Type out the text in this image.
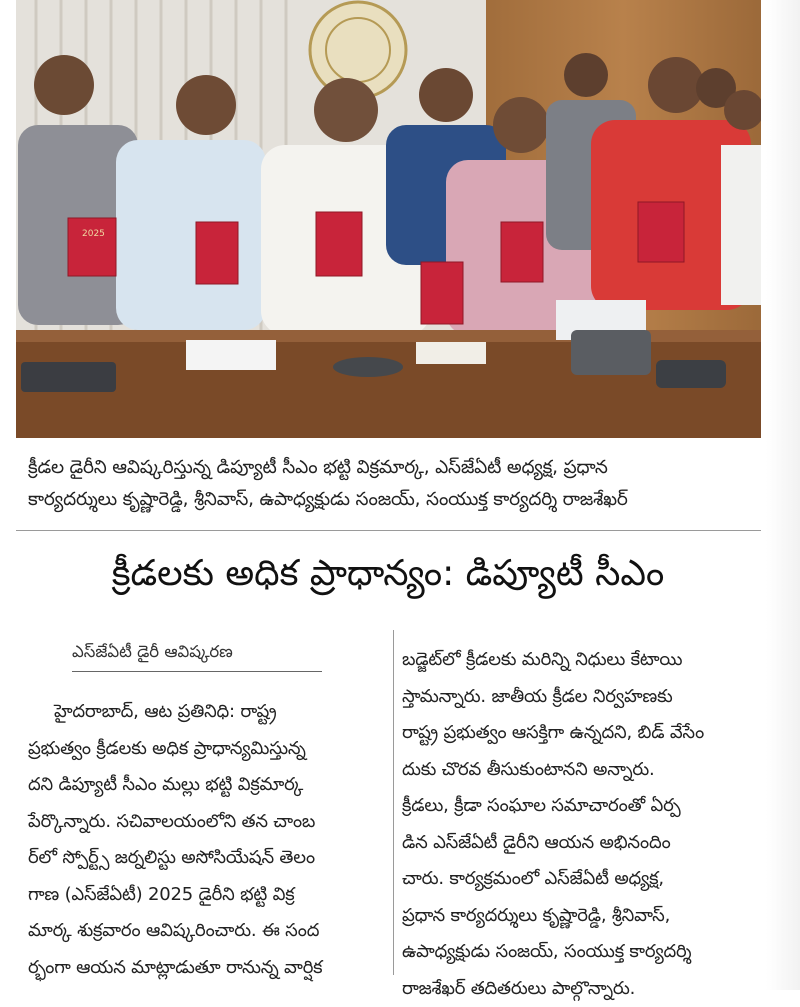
2025
క్రీడల డైరీని ఆవిష్కరిస్తున్న డిప్యూటీ సీఎం భట్టి విక్రమార్క, ఎస్‌జేఏటీ అధ్యక్ష, ప్రధాన
కార్యదర్శులు కృష్ణారెడ్డి, శ్రీనివాస్, ఉపాధ్యక్షుడు సంజయ్, సంయుక్త కార్యదర్శి రాజశేఖర్
క్రీడలకు అధిక ప్రాధాన్యం: డిప్యూటీ సీఎం
ఎస్‌జేఏటీ డైరీ ఆవిష్కరణ
హైదరాబాద్, ఆట ప్రతినిధి: రాష్ట్ర
ప్రభుత్వం క్రీడలకు అధిక ప్రాధాన్యమిస్తున్న
దని డిప్యూటీ సీఎం మల్లు భట్టి విక్రమార్క
పేర్కొన్నారు. సచివాలయంలోని తన చాంబ
ర్‌లో స్పోర్ట్స్ జర్నలిస్టు అసోసియేషన్ తెలం
గాణ (ఎస్‌జేఏటీ) 2025 డైరీని భట్టి విక్ర
మార్క శుక్రవారం ఆవిష్కరించారు. ఈ సంద
ర్భంగా ఆయన మాట్లాడుతూ రానున్న వార్షిక
బడ్జెట్‌లో క్రీడలకు మరిన్ని నిధులు కేటాయి
స్తామన్నారు. జాతీయ క్రీడల నిర్వహణకు
రాష్ట్ర ప్రభుత్వం ఆసక్తిగా ఉన్నదని, బిడ్ వేసేం
దుకు చొరవ తీసుకుంటానని అన్నారు.
క్రీడలు, క్రీడా సంఘాల సమాచారంతో ఏర్ప
డిన ఎస్‌జేఏటీ డైరీని ఆయన అభినందిం
చారు. కార్యక్రమంలో ఎస్‌జేఏటీ అధ్యక్ష,
ప్రధాన కార్యదర్శులు కృష్ణారెడ్డి, శ్రీనివాస్,
ఉపాధ్యక్షుడు సంజయ్, సంయుక్త కార్యదర్శి
రాజశేఖర్ తదితరులు పాల్గొన్నారు.
